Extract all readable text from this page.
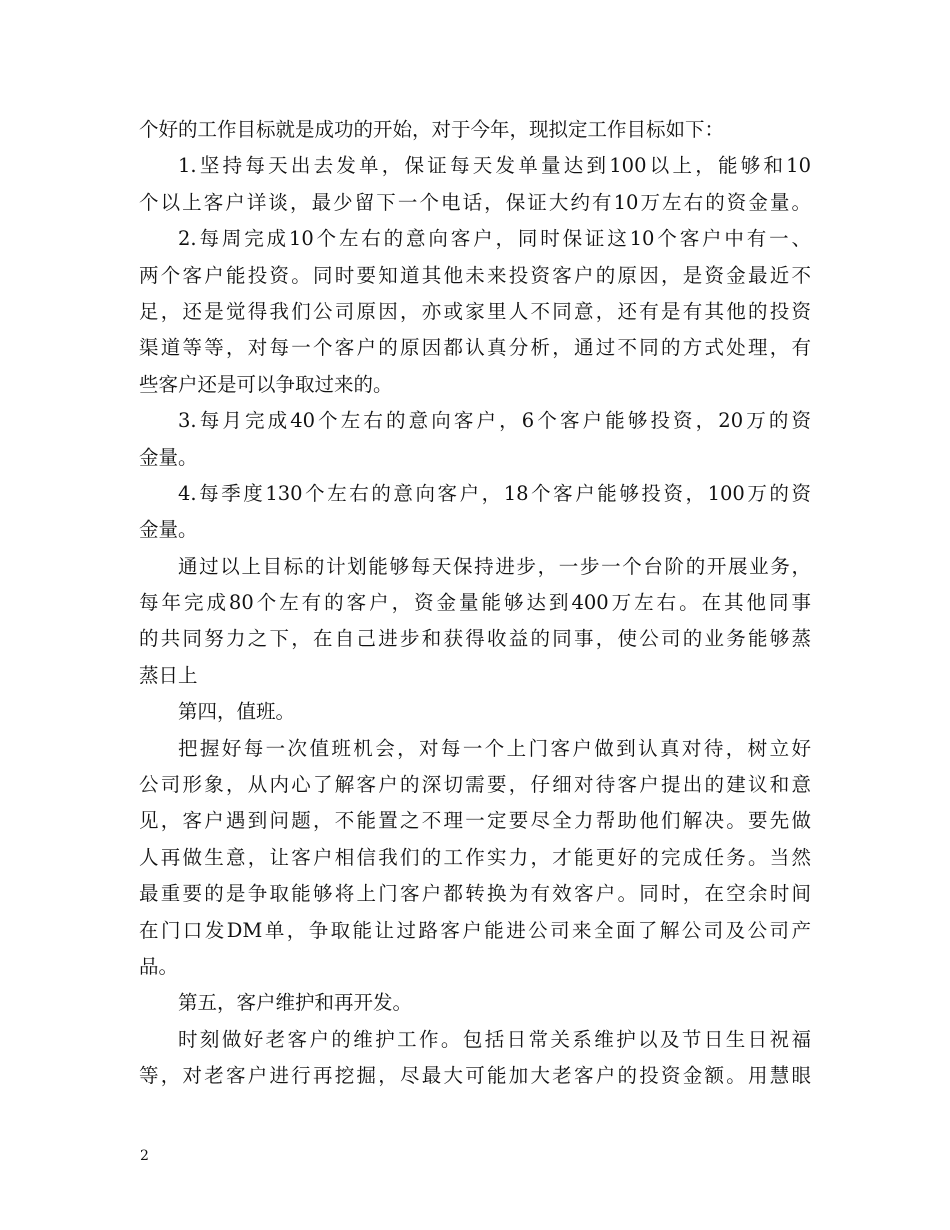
个好的工作目标就是成功的开始，对于今年，现拟定工作目标如下：
1.坚持每天出去发单，保证每天发单量达到100以上，能够和10
个以上客户详谈，最少留下一个电话，保证大约有10万左右的资金量。
2.每周完成10个左右的意向客户，同时保证这10个客户中有一、
两个客户能投资。同时要知道其他未来投资客户的原因，是资金最近不
足，还是觉得我们公司原因，亦或家里人不同意，还有是有其他的投资
渠道等等，对每一个客户的原因都认真分析，通过不同的方式处理，有
些客户还是可以争取过来的。
3.每月完成40个左右的意向客户，6个客户能够投资，20万的资
金量。
4.每季度130个左右的意向客户，18个客户能够投资，100万的资
金量。
通过以上目标的计划能够每天保持进步，一步一个台阶的开展业务，
每年完成80个左有的客户，资金量能够达到400万左右。在其他同事
的共同努力之下，在自己进步和获得收益的同事，使公司的业务能够蒸
蒸日上
第四，值班。
把握好每一次值班机会，对每一个上门客户做到认真对待，树立好
公司形象，从内心了解客户的深切需要，仔细对待客户提出的建议和意
见，客户遇到问题，不能置之不理一定要尽全力帮助他们解决。要先做
人再做生意，让客户相信我们的工作实力，才能更好的完成任务。当然
最重要的是争取能够将上门客户都转换为有效客户。同时，在空余时间
在门口发DM单，争取能让过路客户能进公司来全面了解公司及公司产
品。
第五，客户维护和再开发。
时刻做好老客户的维护工作。包括日常关系维护以及节日生日祝福
等，对老客户进行再挖掘，尽最大可能加大老客户的投资金额。用慧眼
2
